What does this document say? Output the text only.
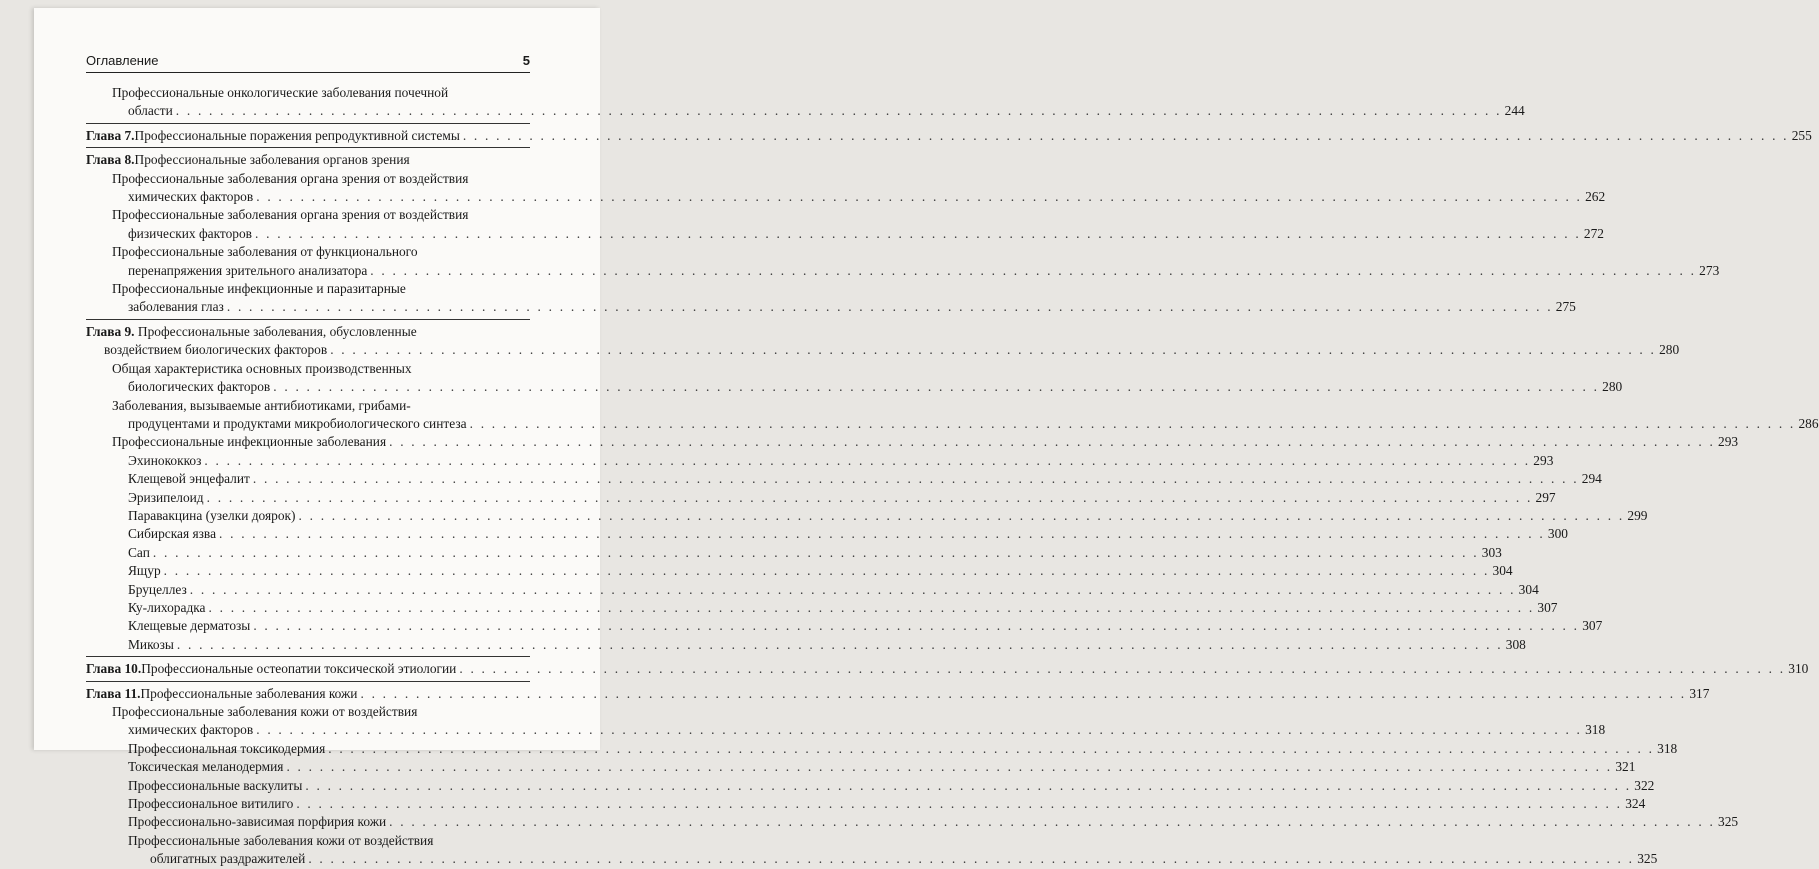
Оглавление	5
Профессиональные онкологические заболевания почечной
области . . . . . . . . . . . . . . . . . . . . . . . . . . . . . . . . . . . . . . . . . . . . . . . . . . . . . . . . . . . . . . . . . . . . . . . . . . . . . . . . . . . . . . . . . . . . . . . . . . . . . . . . . . . . . . . . . . . . . . . . 244
Глава 7. Профессиональные поражения репродуктивной системы . . . . . . . . . . . . . . . . . . . . . . . . . . . . . . . . . . . . . . . . . . . . . . . . . . . . . . . . . . . . . . . . . . . . . . . . . . . . . . . . . . . . . . . . . . . . . . . . . . . . . . . . . . . . . . . . . . . . . . . . 255
Глава 8. Профессиональные заболевания органов зрения
Профессиональные заболевания органа зрения от воздействия
химических факторов . . . . . . . . . . . . . . . . . . . . . . . . . . . . . . . . . . . . . . . . . . . . . . . . . . . . . . . . . . . . . . . . . . . . . . . . . . . . . . . . . . . . . . . . . . . . . . . . . . . . . . . . . . . . . . . . . . . . . . . . 262
Профессиональные заболевания органа зрения от воздействия
физических факторов . . . . . . . . . . . . . . . . . . . . . . . . . . . . . . . . . . . . . . . . . . . . . . . . . . . . . . . . . . . . . . . . . . . . . . . . . . . . . . . . . . . . . . . . . . . . . . . . . . . . . . . . . . . . . . . . . . . . . . . . 272
Профессиональные заболевания от функционального
перенапряжения зрительного анализатора . . . . . . . . . . . . . . . . . . . . . . . . . . . . . . . . . . . . . . . . . . . . . . . . . . . . . . . . . . . . . . . . . . . . . . . . . . . . . . . . . . . . . . . . . . . . . . . . . . . . . . . . . . . . . . . . . . . . . . . . 273
Профессиональные инфекционные и паразитарные
заболевания глаз . . . . . . . . . . . . . . . . . . . . . . . . . . . . . . . . . . . . . . . . . . . . . . . . . . . . . . . . . . . . . . . . . . . . . . . . . . . . . . . . . . . . . . . . . . . . . . . . . . . . . . . . . . . . . . . . . . . . . . . . 275
Глава 9. Профессиональные заболевания, обусловленные
воздействием биологических факторов . . . . . . . . . . . . . . . . . . . . . . . . . . . . . . . . . . . . . . . . . . . . . . . . . . . . . . . . . . . . . . . . . . . . . . . . . . . . . . . . . . . . . . . . . . . . . . . . . . . . . . . . . . . . . . . . . . . . . . . . 280
Общая характеристика основных производственных
биологических факторов . . . . . . . . . . . . . . . . . . . . . . . . . . . . . . . . . . . . . . . . . . . . . . . . . . . . . . . . . . . . . . . . . . . . . . . . . . . . . . . . . . . . . . . . . . . . . . . . . . . . . . . . . . . . . . . . . . . . . . . . 280
Заболевания, вызываемые антибиотиками, грибами-
продуцентами и продуктами микробиологического синтеза . . . . . . . . . . . . . . . . . . . . . . . . . . . . . . . . . . . . . . . . . . . . . . . . . . . . . . . . . . . . . . . . . . . . . . . . . . . . . . . . . . . . . . . . . . . . . . . . . . . . . . . . . . . . . . . . . . . . . . . . 286
Профессиональные инфекционные заболевания . . . . . . . . . . . . . . . . . . . . . . . . . . . . . . . . . . . . . . . . . . . . . . . . . . . . . . . . . . . . . . . . . . . . . . . . . . . . . . . . . . . . . . . . . . . . . . . . . . . . . . . . . . . . . . . . . . . . . . . . 293
Эхинококкоз . . . . . . . . . . . . . . . . . . . . . . . . . . . . . . . . . . . . . . . . . . . . . . . . . . . . . . . . . . . . . . . . . . . . . . . . . . . . . . . . . . . . . . . . . . . . . . . . . . . . . . . . . . . . . . . . . . . . . . . . 293
Клещевой энцефалит . . . . . . . . . . . . . . . . . . . . . . . . . . . . . . . . . . . . . . . . . . . . . . . . . . . . . . . . . . . . . . . . . . . . . . . . . . . . . . . . . . . . . . . . . . . . . . . . . . . . . . . . . . . . . . . . . . . . . . . . 294
Эризипелоид . . . . . . . . . . . . . . . . . . . . . . . . . . . . . . . . . . . . . . . . . . . . . . . . . . . . . . . . . . . . . . . . . . . . . . . . . . . . . . . . . . . . . . . . . . . . . . . . . . . . . . . . . . . . . . . . . . . . . . . . 297
Паравакцина (узелки доярок) . . . . . . . . . . . . . . . . . . . . . . . . . . . . . . . . . . . . . . . . . . . . . . . . . . . . . . . . . . . . . . . . . . . . . . . . . . . . . . . . . . . . . . . . . . . . . . . . . . . . . . . . . . . . . . . . . . . . . . . . 299
Сибирская язва . . . . . . . . . . . . . . . . . . . . . . . . . . . . . . . . . . . . . . . . . . . . . . . . . . . . . . . . . . . . . . . . . . . . . . . . . . . . . . . . . . . . . . . . . . . . . . . . . . . . . . . . . . . . . . . . . . . . . . . . 300
Сап . . . . . . . . . . . . . . . . . . . . . . . . . . . . . . . . . . . . . . . . . . . . . . . . . . . . . . . . . . . . . . . . . . . . . . . . . . . . . . . . . . . . . . . . . . . . . . . . . . . . . . . . . . . . . . . . . . . . . . . . 303
Ящур . . . . . . . . . . . . . . . . . . . . . . . . . . . . . . . . . . . . . . . . . . . . . . . . . . . . . . . . . . . . . . . . . . . . . . . . . . . . . . . . . . . . . . . . . . . . . . . . . . . . . . . . . . . . . . . . . . . . . . . . 304
Бруцеллез . . . . . . . . . . . . . . . . . . . . . . . . . . . . . . . . . . . . . . . . . . . . . . . . . . . . . . . . . . . . . . . . . . . . . . . . . . . . . . . . . . . . . . . . . . . . . . . . . . . . . . . . . . . . . . . . . . . . . . . . 304
Ку-лихорадка . . . . . . . . . . . . . . . . . . . . . . . . . . . . . . . . . . . . . . . . . . . . . . . . . . . . . . . . . . . . . . . . . . . . . . . . . . . . . . . . . . . . . . . . . . . . . . . . . . . . . . . . . . . . . . . . . . . . . . . . 307
Клещевые дерматозы . . . . . . . . . . . . . . . . . . . . . . . . . . . . . . . . . . . . . . . . . . . . . . . . . . . . . . . . . . . . . . . . . . . . . . . . . . . . . . . . . . . . . . . . . . . . . . . . . . . . . . . . . . . . . . . . . . . . . . . . 307
Микозы . . . . . . . . . . . . . . . . . . . . . . . . . . . . . . . . . . . . . . . . . . . . . . . . . . . . . . . . . . . . . . . . . . . . . . . . . . . . . . . . . . . . . . . . . . . . . . . . . . . . . . . . . . . . . . . . . . . . . . . . 308
Глава 10. Профессиональные остеопатии токсической этиологии . . . . . . . . . . . . . . . . . . . . . . . . . . . . . . . . . . . . . . . . . . . . . . . . . . . . . . . . . . . . . . . . . . . . . . . . . . . . . . . . . . . . . . . . . . . . . . . . . . . . . . . . . . . . . . . . . . . . . . . . 310
Глава 11. Профессиональные заболевания кожи . . . . . . . . . . . . . . . . . . . . . . . . . . . . . . . . . . . . . . . . . . . . . . . . . . . . . . . . . . . . . . . . . . . . . . . . . . . . . . . . . . . . . . . . . . . . . . . . . . . . . . . . . . . . . . . . . . . . . . . . 317
Профессиональные заболевания кожи от воздействия
химических факторов . . . . . . . . . . . . . . . . . . . . . . . . . . . . . . . . . . . . . . . . . . . . . . . . . . . . . . . . . . . . . . . . . . . . . . . . . . . . . . . . . . . . . . . . . . . . . . . . . . . . . . . . . . . . . . . . . . . . . . . . 318
Профессиональная токсикодермия . . . . . . . . . . . . . . . . . . . . . . . . . . . . . . . . . . . . . . . . . . . . . . . . . . . . . . . . . . . . . . . . . . . . . . . . . . . . . . . . . . . . . . . . . . . . . . . . . . . . . . . . . . . . . . . . . . . . . . . . 318
Токсическая меланодермия . . . . . . . . . . . . . . . . . . . . . . . . . . . . . . . . . . . . . . . . . . . . . . . . . . . . . . . . . . . . . . . . . . . . . . . . . . . . . . . . . . . . . . . . . . . . . . . . . . . . . . . . . . . . . . . . . . . . . . . . 321
Профессиональные васкулиты . . . . . . . . . . . . . . . . . . . . . . . . . . . . . . . . . . . . . . . . . . . . . . . . . . . . . . . . . . . . . . . . . . . . . . . . . . . . . . . . . . . . . . . . . . . . . . . . . . . . . . . . . . . . . . . . . . . . . . . . 322
Профессиональное витилиго . . . . . . . . . . . . . . . . . . . . . . . . . . . . . . . . . . . . . . . . . . . . . . . . . . . . . . . . . . . . . . . . . . . . . . . . . . . . . . . . . . . . . . . . . . . . . . . . . . . . . . . . . . . . . . . . . . . . . . . . 324
Профессионально-зависимая порфирия кожи . . . . . . . . . . . . . . . . . . . . . . . . . . . . . . . . . . . . . . . . . . . . . . . . . . . . . . . . . . . . . . . . . . . . . . . . . . . . . . . . . . . . . . . . . . . . . . . . . . . . . . . . . . . . . . . . . . . . . . . . 325
Профессиональные заболевания кожи от воздействия
облигатных раздражителей . . . . . . . . . . . . . . . . . . . . . . . . . . . . . . . . . . . . . . . . . . . . . . . . . . . . . . . . . . . . . . . . . . . . . . . . . . . . . . . . . . . . . . . . . . . . . . . . . . . . . . . . . . . . . . . . . . . . . . . . 325
